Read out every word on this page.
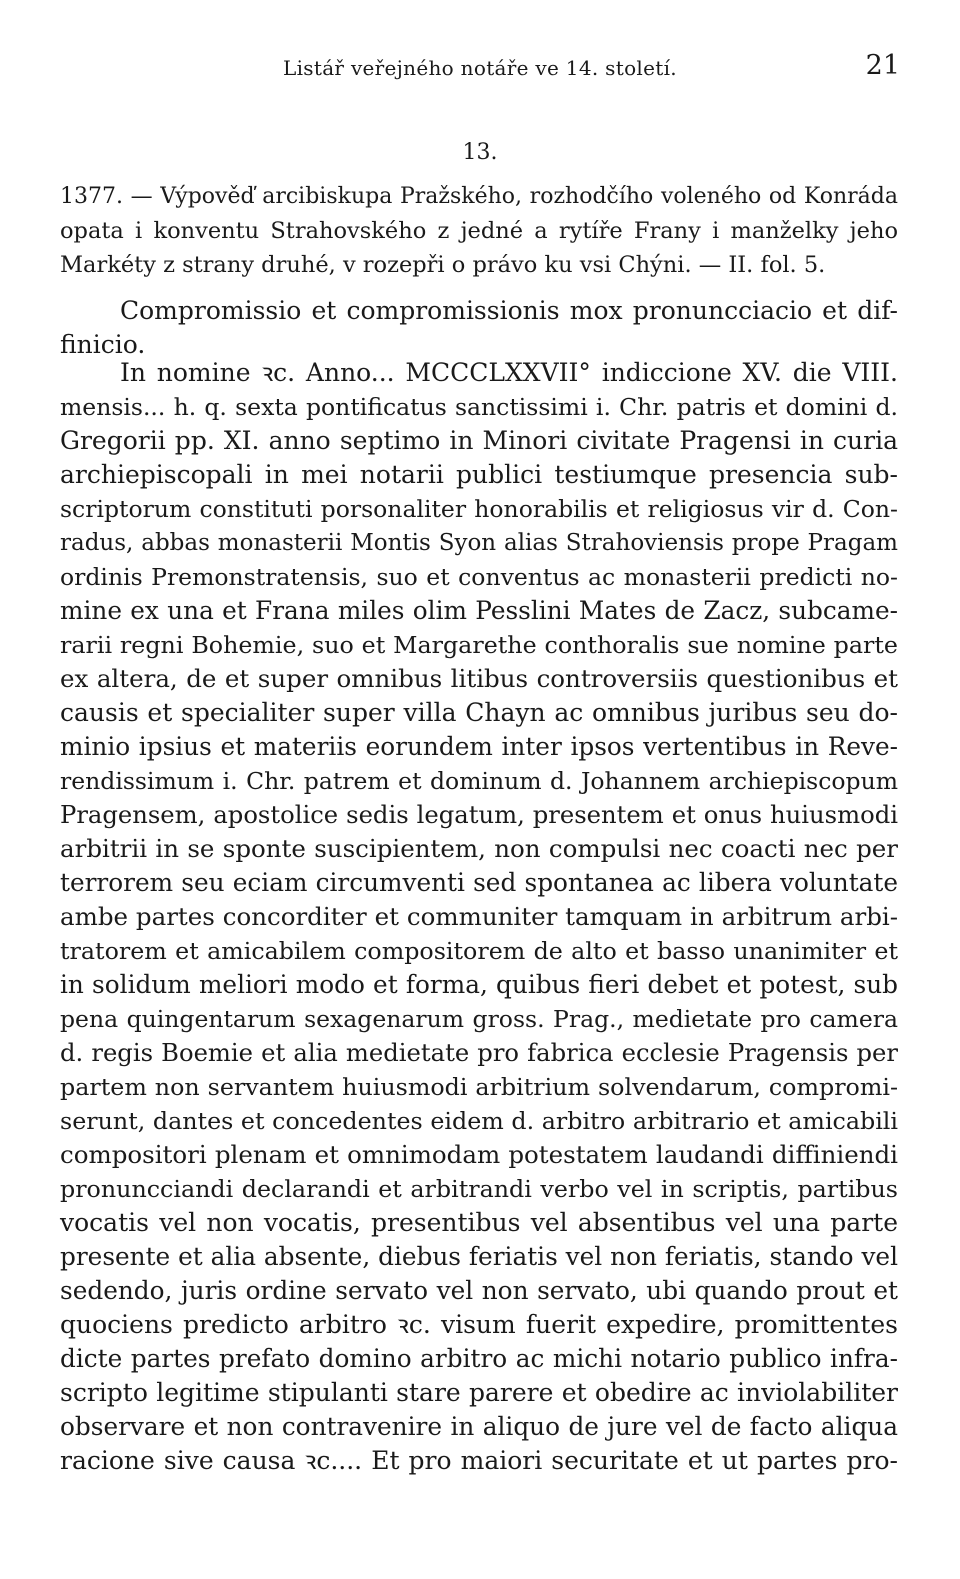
Listář veřejného notáře ve 14. století.	21
13.
1377. — Výpověď arcibiskupa Pražského, rozhodčího voleného od Konráda
opata i konventu Strahovského z jedné a rytíře Frany i manželky jeho
Markéty z strany druhé, v rozepři o právo ku vsi Chýni. — II. fol. 5.
Compromissio et compromissionis mox pronuncciacio et dif-
finicio.
In nomine ꝛc. Anno... MCCCLXXVII° indiccione XV. die VIII.
mensis... h. q. sexta pontificatus sanctissimi i. Chr. patris et domini d.
Gregorii pp. XI. anno septimo in Minori civitate Pragensi in curia
archiepiscopali in mei notarii publici testiumque presencia sub-
scriptorum constituti porsonaliter honorabilis et religiosus vir d. Con-
radus, abbas monasterii Montis Syon alias Strahoviensis prope Pragam
ordinis Premonstratensis, suo et conventus ac monasterii predicti no-
mine ex una et Frana miles olim Pesslini Mates de Zacz, subcame-
rarii regni Bohemie, suo et Margarethe conthoralis sue nomine parte
ex altera, de et super omnibus litibus controversiis questionibus et
causis et specialiter super villa Chayn ac omnibus juribus seu do-
minio ipsius et materiis eorundem inter ipsos vertentibus in Reve-
rendissimum i. Chr. patrem et dominum d. Johannem archiepiscopum
Pragensem, apostolice sedis legatum, presentem et onus huiusmodi
arbitrii in se sponte suscipientem, non compulsi nec coacti nec per
terrorem seu eciam circumventi sed spontanea ac libera voluntate
ambe partes concorditer et communiter tamquam in arbitrum arbi-
tratorem et amicabilem compositorem de alto et basso unanimiter et
in solidum meliori modo et forma, quibus fieri debet et potest, sub
pena quingentarum sexagenarum gross. Prag., medietate pro camera
d. regis Boemie et alia medietate pro fabrica ecclesie Pragensis per
partem non servantem huiusmodi arbitrium solvendarum, compromi-
serunt, dantes et concedentes eidem d. arbitro arbitrario et amicabili
compositori plenam et omnimodam potestatem laudandi diffiniendi
pronuncciandi declarandi et arbitrandi verbo vel in scriptis, partibus
vocatis vel non vocatis, presentibus vel absentibus vel una parte
presente et alia absente, diebus feriatis vel non feriatis, stando vel
sedendo, juris ordine servato vel non servato, ubi quando prout et
quociens predicto arbitro ꝛc. visum fuerit expedire, promittentes
dicte partes prefato domino arbitro ac michi notario publico infra-
scripto legitime stipulanti stare parere et obedire ac inviolabiliter
observare et non contravenire in aliquo de jure vel de facto aliqua
racione sive causa ꝛc.... Et pro maiori securitate et ut partes pro-
